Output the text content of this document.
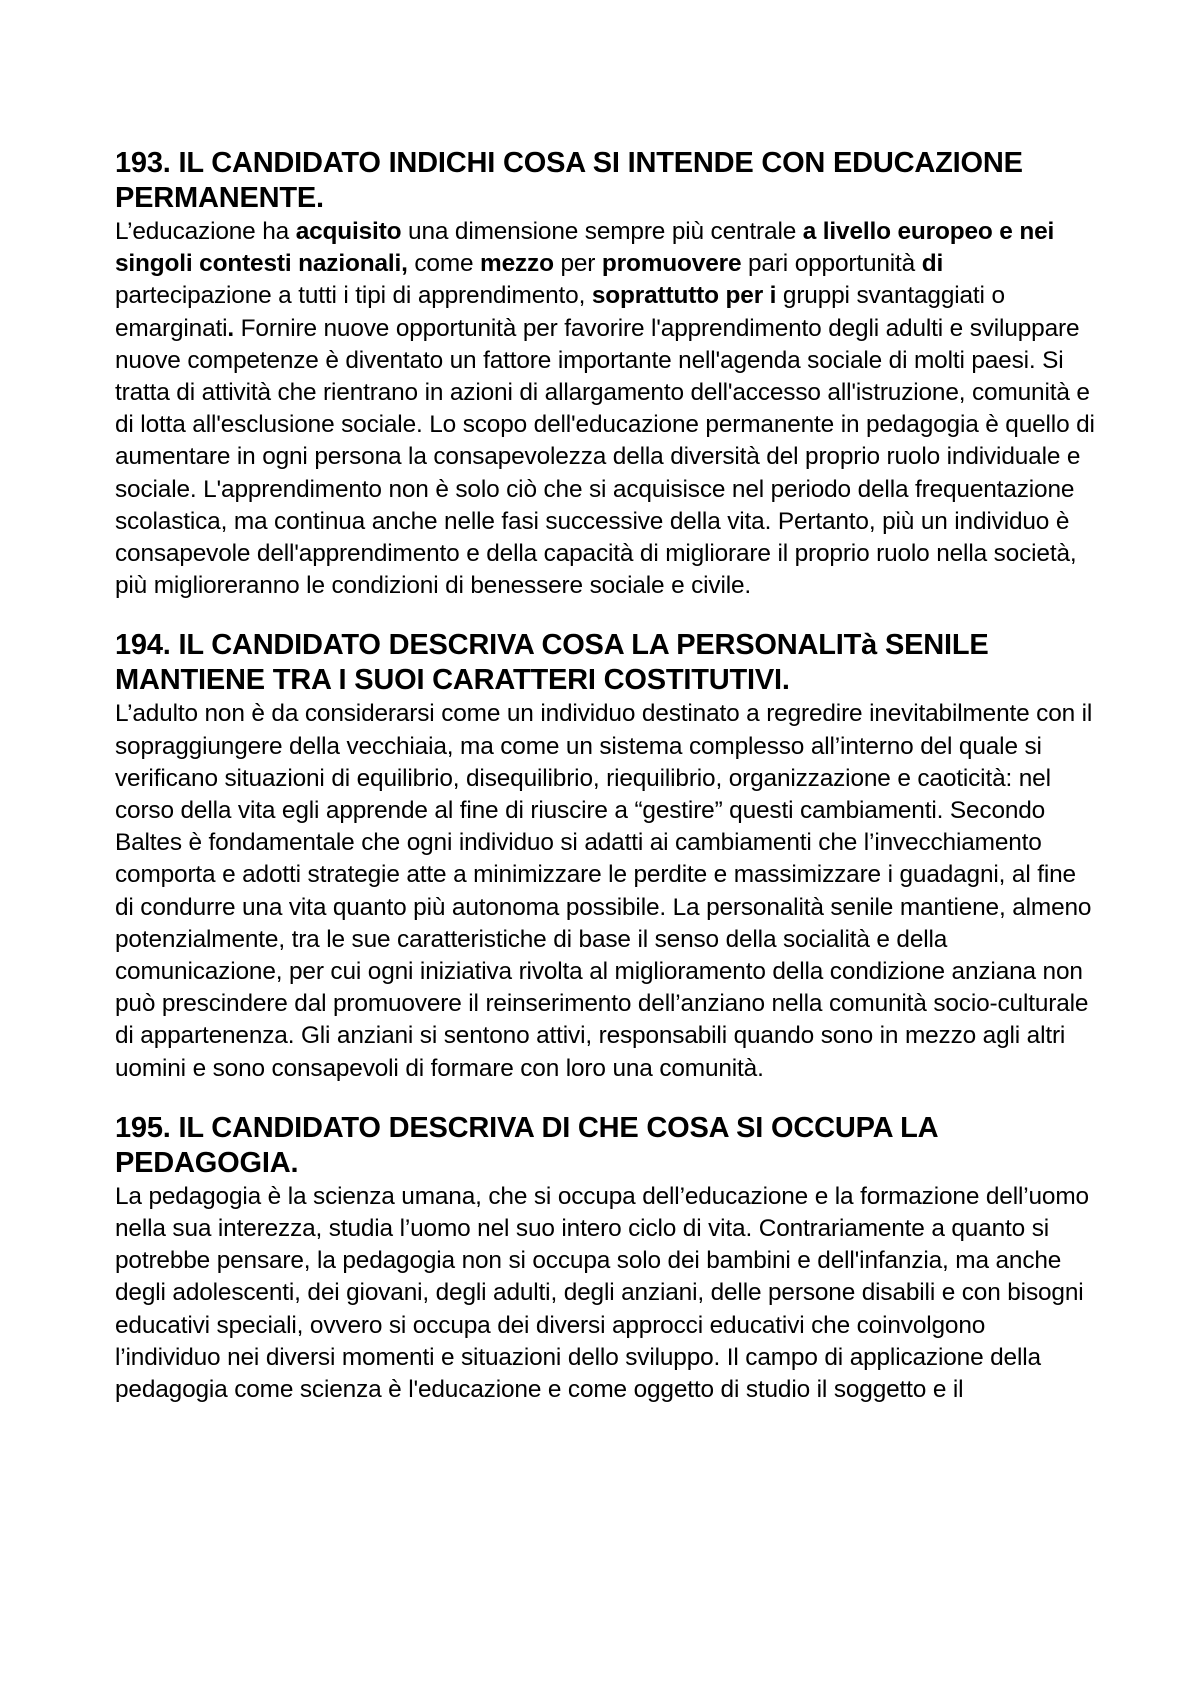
193. IL CANDIDATO INDICHI COSA SI INTENDE CON EDUCAZIONE PERMANENTE.

L’educazione ha acquisito una dimensione sempre più centrale a livello europeo e nei singoli contesti nazionali, come mezzo per promuovere pari opportunità di partecipazione a tutti i tipi di apprendimento, soprattutto per i gruppi svantaggiati o emarginati. Fornire nuove opportunità per favorire l'apprendimento degli adulti e sviluppare nuove competenze è diventato un fattore importante nell'agenda sociale di molti paesi. Si tratta di attività che rientrano in azioni di allargamento dell'accesso all'istruzione, comunità e di lotta all'esclusione sociale. Lo scopo dell'educazione permanente in pedagogia è quello di aumentare in ogni persona la consapevolezza della diversità del proprio ruolo individuale e sociale. L'apprendimento non è solo ciò che si acquisisce nel periodo della frequentazione scolastica, ma continua anche nelle fasi successive della vita. Pertanto, più un individuo è consapevole dell'apprendimento e della capacità di migliorare il proprio ruolo nella società, più miglioreranno le condizioni di benessere sociale e civile.

194. IL CANDIDATO DESCRIVA COSA LA PERSONALITà SENILE MANTIENE TRA I SUOI CARATTERI COSTITUTIVI.

L’adulto non è da considerarsi come un individuo destinato a regredire inevitabilmente con il sopraggiungere della vecchiaia, ma come un sistema complesso all’interno del quale si verificano situazioni di equilibrio, disequilibrio, riequilibrio, organizzazione e caoticità: nel corso della vita egli apprende al fine di riuscire a “gestire” questi cambiamenti. Secondo Baltes è fondamentale che ogni individuo si adatti ai cambiamenti che l’invecchiamento comporta e adotti strategie atte a minimizzare le perdite e massimizzare i guadagni, al fine di condurre una vita quanto più autonoma possibile. La personalità senile mantiene, almeno potenzialmente, tra le sue caratteristiche di base il senso della socialità e della comunicazione, per cui ogni iniziativa rivolta al miglioramento della condizione anziana non può prescindere dal promuovere il reinserimento dell’anziano nella comunità socio-culturale di appartenenza. Gli anziani si sentono attivi, responsabili quando sono in mezzo agli altri uomini e sono consapevoli di formare con loro una comunità.

195. IL CANDIDATO DESCRIVA DI CHE COSA SI OCCUPA LA PEDAGOGIA.

La pedagogia è la scienza umana, che si occupa dell’educazione e la formazione dell’uomo nella sua interezza, studia l’uomo nel suo intero ciclo di vita. Contrariamente a quanto si potrebbe pensare, la pedagogia non si occupa solo dei bambini e dell'infanzia, ma anche degli adolescenti, dei giovani, degli adulti, degli anziani, delle persone disabili e con bisogni educativi speciali, ovvero si occupa dei diversi approcci educativi che coinvolgono l’individuo nei diversi momenti e situazioni dello sviluppo. Il campo di applicazione della pedagogia come scienza è l'educazione e come oggetto di studio il soggetto e il
